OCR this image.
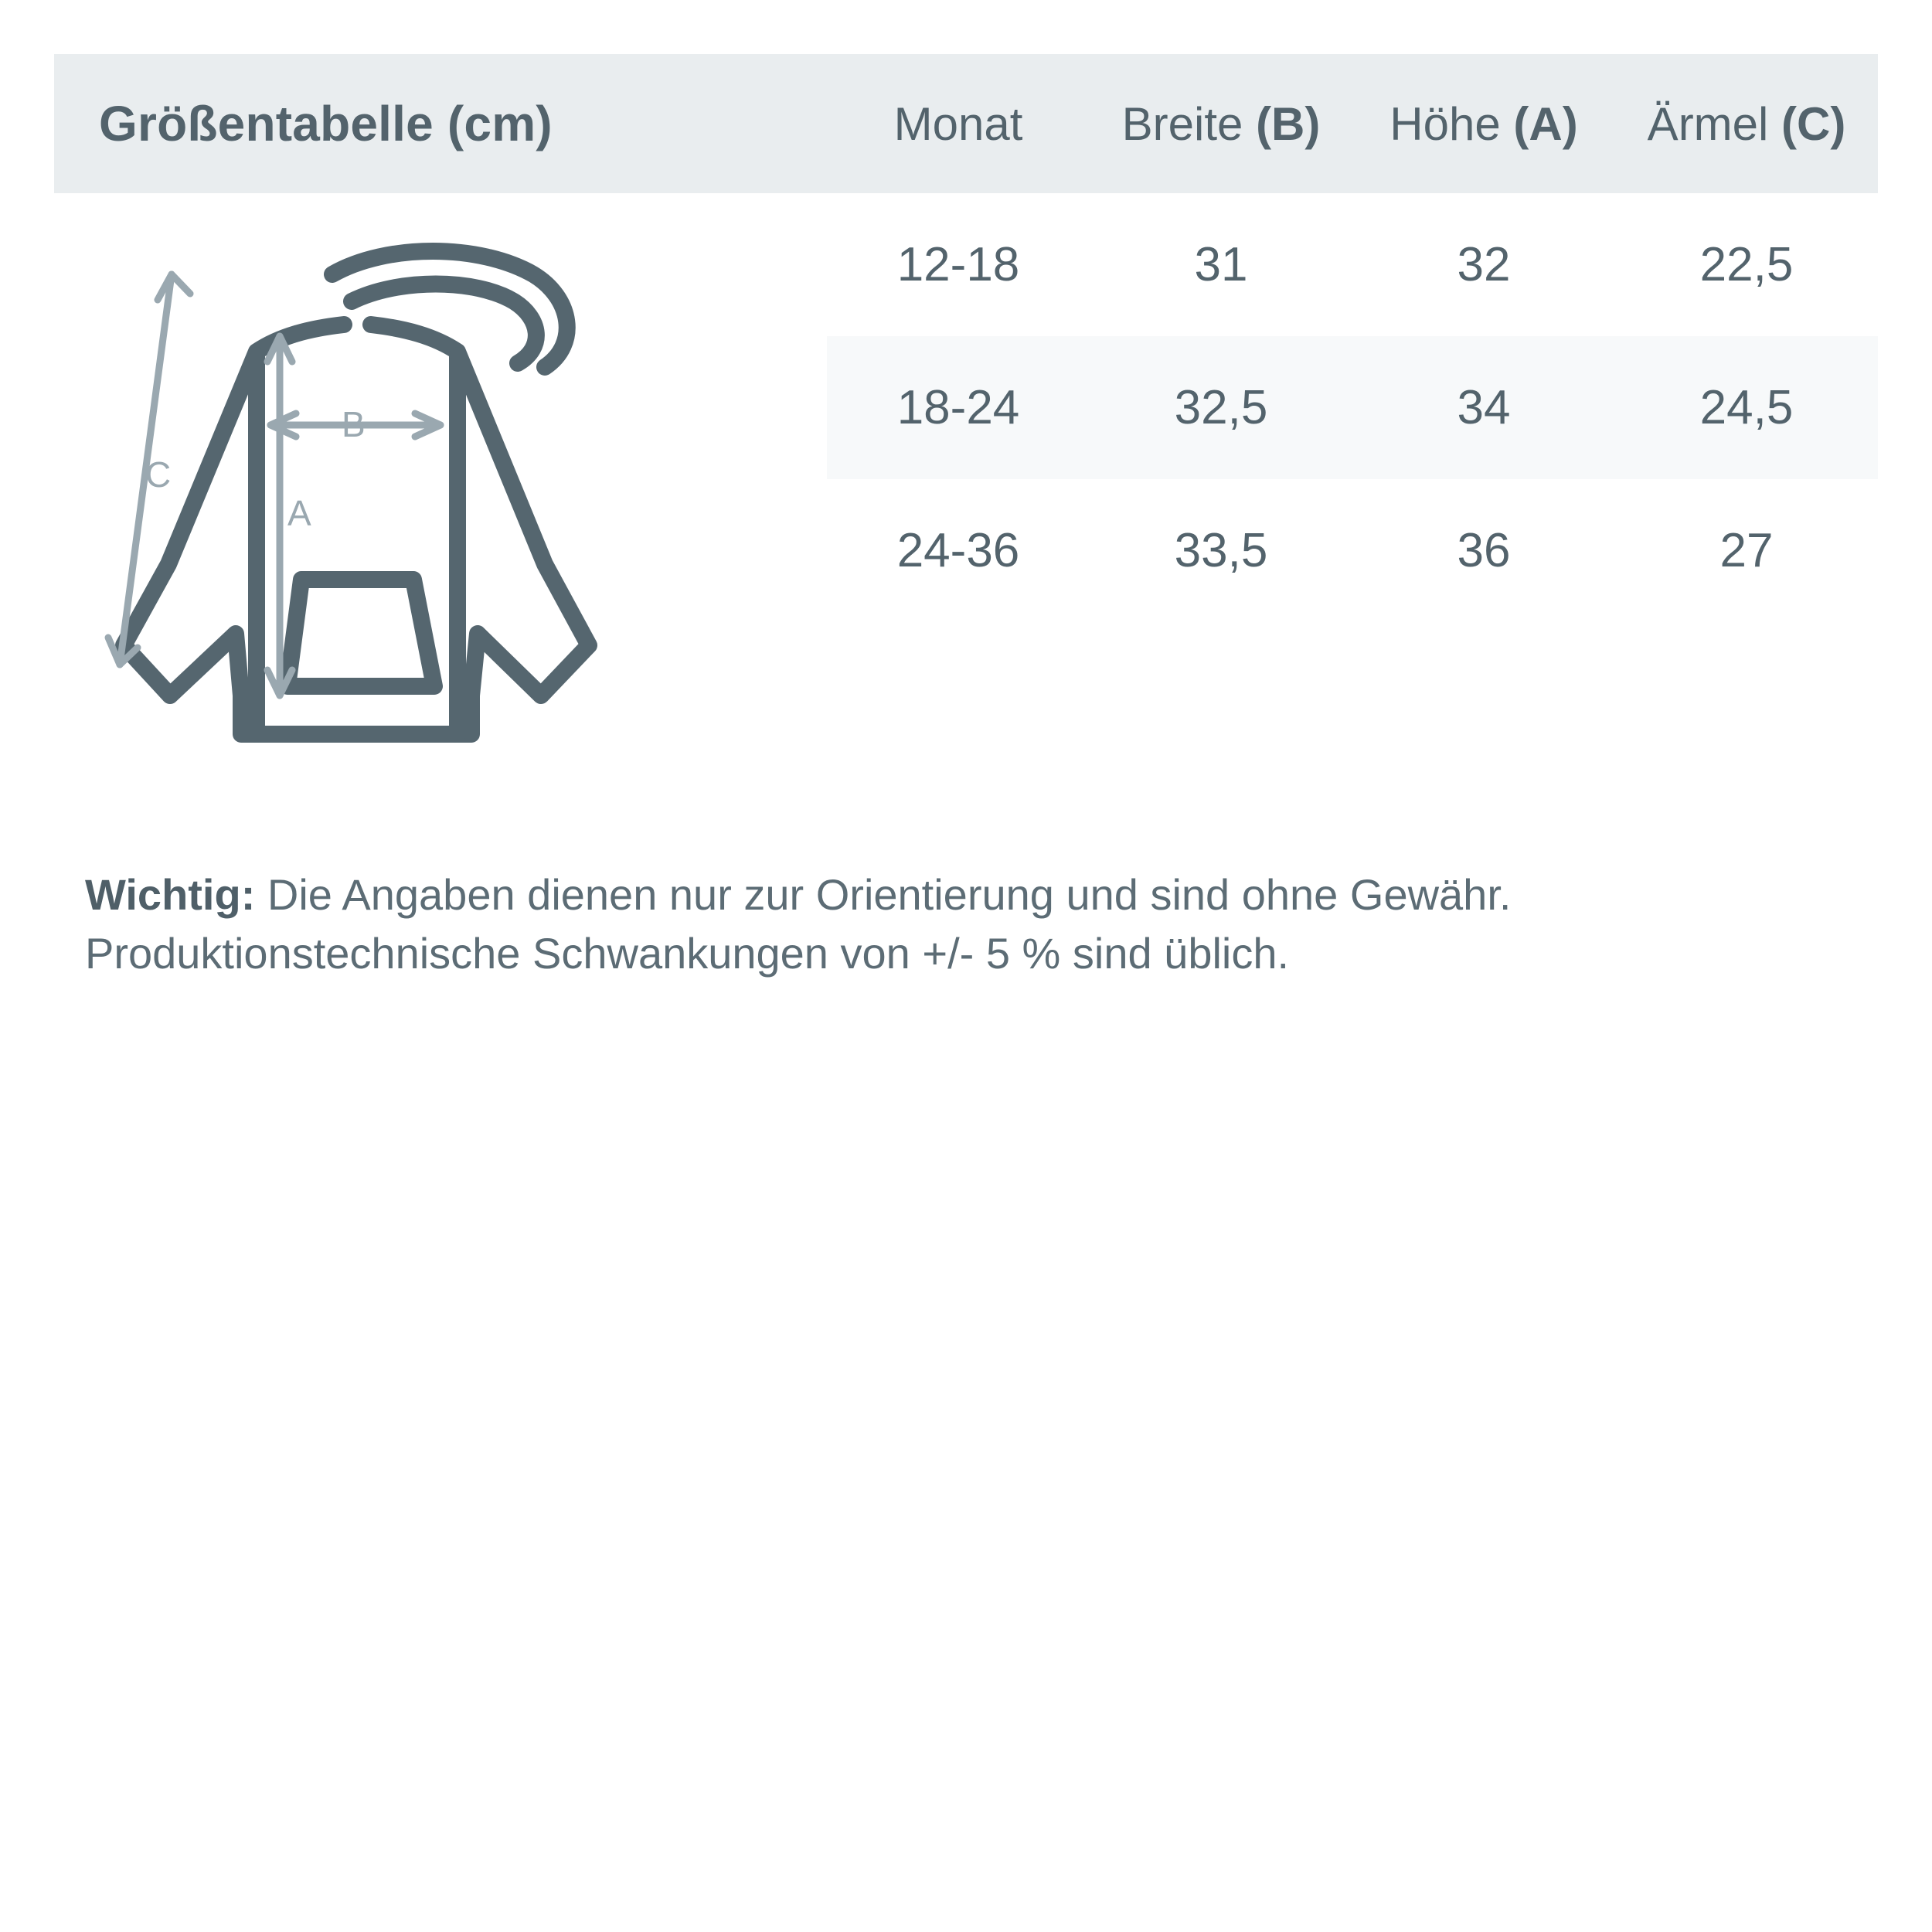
Größentabelle (cm)	Monat	Breite (B)	Höhe (A)	Ärmel (C)
C
A
B
12-18	31	32	22,5
18-24	32,5	34	24,5
24-36	33,5	36	27
Wichtig: Die Angaben dienen nur zur Orientierung und sind ohne Gewähr. Produktionstechnische Schwankungen von +/- 5 % sind üblich.
